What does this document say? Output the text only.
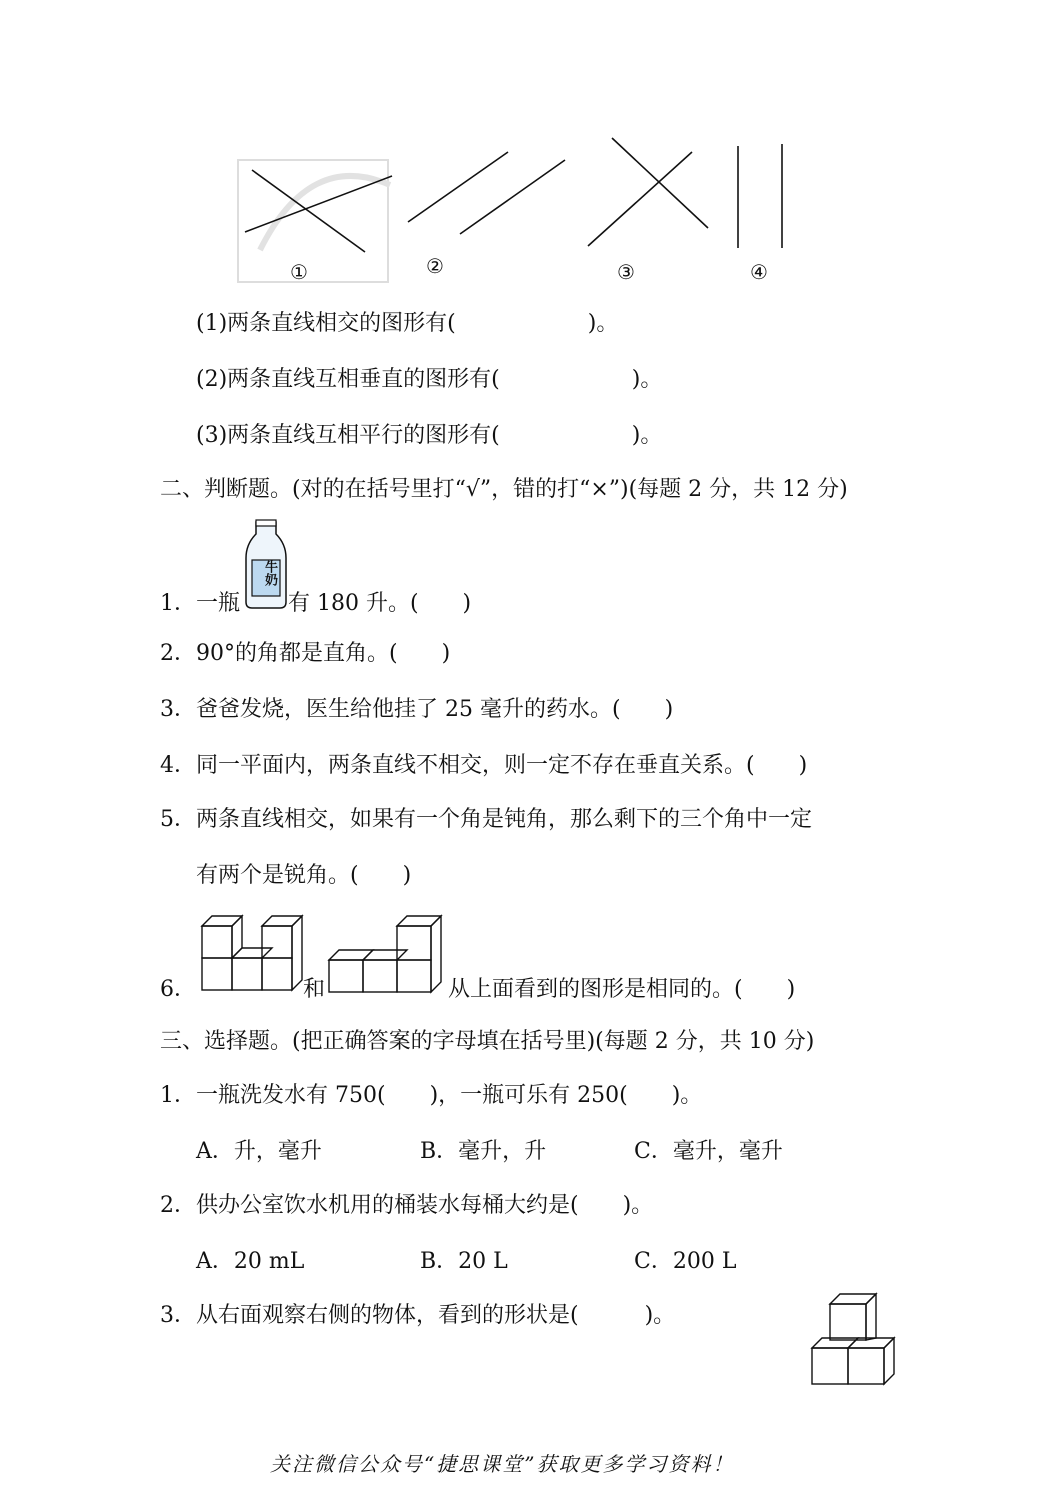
①	②	③	④
(1)两条直线相交的图形有(　　　　　　)。
(2)两条直线互相垂直的图形有(　　　　　　)。
(3)两条直线互相平行的图形有(　　　　　　)。
二、判断题。(对的在括号里打“√”，错的打“×”)(每题 2 分，共 12 分)
1． 一瓶
牛奶
有 180 升。(　　)
2． 90°的角都是直角。(　　)
3． 爸爸发烧，医生给他挂了 25 毫升的药水。(　　)
4． 同一平面内，两条直线不相交，则一定不存在垂直关系。(　　)
5． 两条直线相交，如果有一个角是钝角，那么剩下的三个角中一定
有两个是锐角。(　　)
6．	和	从上面看到的图形是相同的。(　　)
三、选择题。(把正确答案的字母填在括号里)(每题 2 分，共 10 分)
1． 一瓶洗发水有 750(　　)，一瓶可乐有 250(　　)。
A．升，毫升	B．毫升，升	C．毫升，毫升
2． 供办公室饮水机用的桶装水每桶大约是(　　)。
A．20 mL	B．20 L	C．200 L
3． 从右面观察右侧的物体，看到的形状是(　　　)。
关注微信公众号“捷思课堂”获取更多学习资料！
